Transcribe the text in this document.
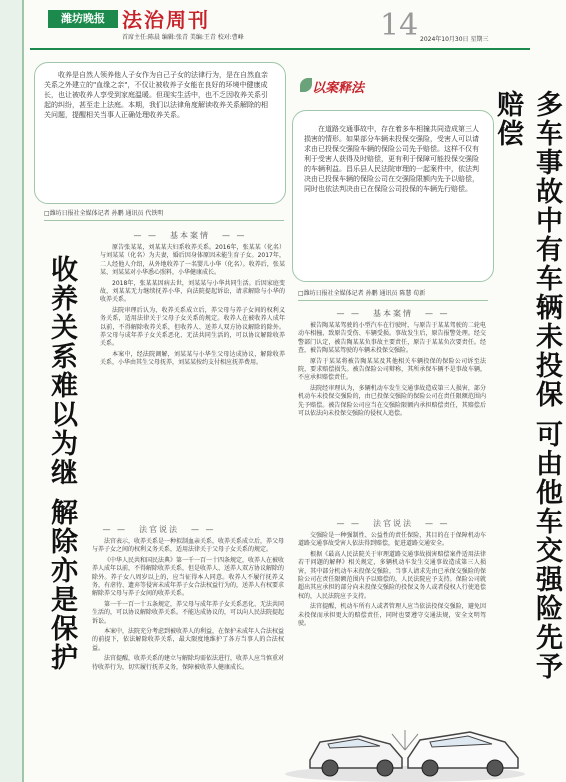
潍坊晚报 法治周刊
首席主任:陈晨 编辑:张青 美编:王青 校对:曹峰	14 2024年10月30日 星期三
收养是自然人领养他人子女作为自己子女的法律行为，是在自然血亲关系之外建立的"血缘之亲"，不仅让被收养子女能在良好的环境中健康成长，也让被收养人享受到家庭温暖。但现实生活中，也不乏因收养关系引起的纠纷，甚至走上法庭。本期，我们以法律角度解读收养关系解除的相关问题，提醒相关当事人正确处理收养关系。
□潍坊日报社全媒体记者 孙鹏 通讯员 代铁明
— — 基本案情 — —

原告张某某，刘某某夫妇系收养关系。2016年，张某某（化名）与刘某某（化名）为夫妻，婚后因身体原因未能生育子女。2017年，二人经他人介绍，从外地收养了一名婴儿小华（化名）。收养后，张某某、刘某某对小华悉心照料，小华健康成长。

2018年，张某某因病去世，刘某某与小华共同生活。后因家庭变故，刘某某无力继续抚养小华，向法院提起诉讼，请求解除与小华的收养关系。

法院审理后认为，收养关系成立后，养父母与养子女间的权利义务关系，适用法律关于父母子女关系的规定。收养人在被收养人成年以前，不得解除收养关系，但收养人、送养人双方协议解除的除外。养父母与成年养子女关系恶化、无法共同生活的，可以协议解除收养关系。

本案中，经法院调解，刘某某与小华生父母达成协议，解除收养关系，小华由其生父母抚养，刘某某按约支付相应抚养费用。

收养关系难以为继 解除亦是保护	— — 法官说法 — —

法官表示，收养关系是一种拟制血亲关系，收养关系成立后，养父母与养子女之间的权利义务关系，适用法律关于父母子女关系的规定。

《中华人民共和国民法典》第一千一百一十四条规定，收养人在被收养人成年以前，不得解除收养关系，但是收养人、送养人双方协议解除的除外。养子女八周岁以上的，应当征得本人同意。收养人不履行抚养义务，有虐待、遗弃等侵害未成年养子女合法权益行为的，送养人有权要求解除养父母与养子女间的收养关系。

第一千一百一十五条规定，养父母与成年养子女关系恶化、无法共同生活的，可以协议解除收养关系。不能达成协议的，可以向人民法院提起诉讼。

本案中，法院充分考虑到被收养人的利益，在保护未成年人合法权益的前提下，依法解除收养关系，最大限度地维护了各方当事人的合法权益。

法官提醒，收养关系的建立与解除均需依法进行，收养人应当慎重对待收养行为，切实履行抚养义务，保障被收养人健康成长。

以案释法
在道路交通事故中，存在着多车相撞共同造成第三人损害的情形。如果部分车辆未投保交强险，受害人可以请求由已投保交强险车辆的保险公司先予赔偿。这样不仅有利于受害人获得及时赔偿，更有利于保障可能投保交强险的车辆利益。昌乐县人民法院审理的一起案件中，依法判决由已投保车辆的保险公司在交强险限额内先予以赔偿，同时也依法判决由已在保险公司投保的车辆先行赔偿。	多车事故中有车辆未投保 可由他车交强险先予赔偿
□潍坊日报社全媒体记者 孙鹏 通讯员 陈慧 荀新
— — 基本案情 — —

被告陶某某驾驶的小型汽车在行驶时，与原告于某某驾驶的二轮电动车相撞，致原告受伤、车辆受损。事故发生后，原告报警处理。经交警部门认定，被告陶某某负事故主要责任，原告于某某负次要责任。经查，被告陶某某驾驶的车辆未投保交强险。

原告于某某将被告陶某某及其他相关车辆投保的保险公司诉至法院，要求赔偿损失。被告保险公司辩称，其所承保车辆不是事故车辆，不应承担赔偿责任。

法院经审理认为，多辆机动车发生交通事故造成第三人损害，部分机动车未投保交强险的，由已投保交强险的保险公司在责任限额范围内先予赔偿。被告保险公司应当在交强险限额内承担赔偿责任，其赔偿后可以依法向未投保交强险的侵权人追偿。

— — 法官说法 — —

交强险是一种强制性、公益性的责任保险，其目的在于保障机动车道路交通事故受害人依法得到赔偿，促进道路交通安全。

根据《最高人民法院关于审理道路交通事故损害赔偿案件适用法律若干问题的解释》相关规定，多辆机动车发生交通事故造成第三人损害，其中部分机动车未投保交强险，当事人请求先由已承保交强险的保险公司在责任限额范围内予以赔偿的，人民法院应予支持。保险公司就超出其应承担的部分向未投保交强险的投保义务人或者侵权人行使追偿权的，人民法院应予支持。

法官提醒，机动车所有人或者管理人应当依法投保交强险，避免因未投保而承担更大的赔偿责任，同时也要遵守交通法规，安全文明驾驶。
